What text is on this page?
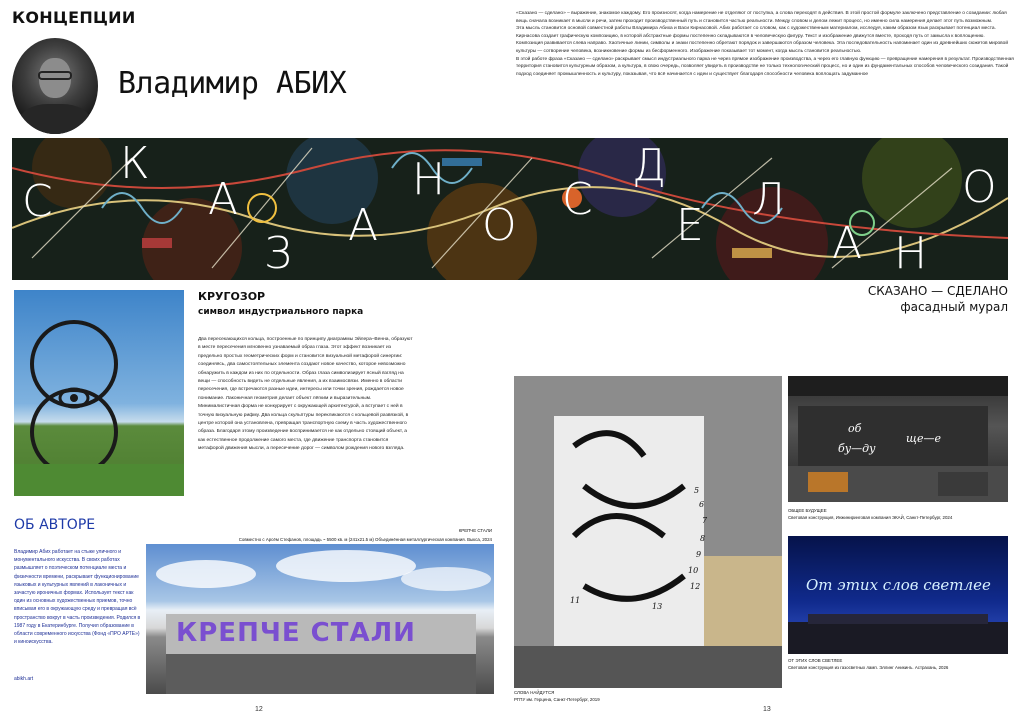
КОНЦЕПЦИИ
Владимир АБИХ

«Сказано — сделано» – выражение, знакомое каждому. Его произносят, когда намерение не отделяют от поступка, а слова переходят в действия. В этой простой формуле заключено представление о созидании: любая вещь сначала возникает в мысли и речи, затем проходит производственный путь и становится частью реальности. Между словом и делом лежит процесс, но именно сила намерения делает этот путь возможным.

Эта мысль становится основой совместной работы Владимира Абиха и Васи Кирнасовой. Абих работает со словом, как с художественным материалом, исследуя, каким образом язык раскрывает потенциал места. Кирнасова создает графическую композицию, в которой абстрактные формы постепенно складываются в человеческую фигуру. Текст и изображение движутся вместе, проходя путь от замысла к воплощению.

Композиция развивается слева направо. Хаотичные линии, символы и знаки постепенно обретают порядок и завершаются образом человека. Эта последовательность напоминает один из древнейших сюжетов мировой культуры — сотворение человека, возникновение формы из бесформенного. Изображение показывает тот момент, когда мысль становится реальностью.

В этой работе фраза «Сказано — сделано» раскрывает смысл индустриального парка не через прямое изображение производства, а через его главную функцию — превращение намерения в результат. Производственная территория становится культурным образом, а культура, в свою очередь, позволяет увидеть в производстве не только технологический процесс, но и один из фундаментальных способов человеческого созидания. Такой подход соединяет промышленность и культуру, показывая, что всё начинается с идеи и существует благодаря способности человека воплощать задуманное

С
К
А
З
А
Н
О
С
Д
Е
Л
А Н
О
СКАЗАНО — СДЕЛАНО
фасадный мурал
КРУГОЗОР
символ индустриального парка
Два пересекающихся кольца, построенные по принципу диаграммы Эйлера–Венна, образуют в месте пересечения мгновенно узнаваемый образ глаза. Этот эффект возникает из предельно простых геометрических форм и становится визуальной метафорой синергии: соединяясь, два самостоятельных элемента создают новое качество, которое невозможно обнаружить в каждом из них по отдельности. Образ глаза символизирует ясный взгляд на вещи — способность видеть не отдельные явления, а их взаимосвязи. Именно в области пересечения, где встречаются разные идеи, интересы или точки зрения, рождается новое понимание. Лаконичная геометрия делает объект лёгким и выразительным. Минималистичная форма не конкурирует с окружающей архитектурой, а вступает с ней в точную визуальную рифму. Два кольца скульптуры перекликаются с кольцевой развязкой, в центре которой она установлена, превращая транспортную схему в часть художественного образа. Благодаря этому произведение воспринимается не как отдельно стоящий объект, а как естественное продолжение самого места, где движение транспорта становится метафорой движения мысли, а пересечение дорог — символом рождения нового взгляда.
ОБ АВТОРЕ
Владимир Абих работает на стыке уличного и монументального искусства. В своих работах размышляет о поэтическом потенциале места и физичности времени, раскрывает функционирование языковых и культурных явлений в лаконичных и зачастую ироничных формах. Использует текст как один из основных художественных приемов, точно вписывая его в окружающую среду и превращая всё пространство вокруг в часть произведения. Родился в 1987 году в Екатеринбурге. Получил образование в области современного искусства (Фонд «ПРО АРТЕ») и киноискусства.
abikh.art
КРЕПЧЕ СТАЛИ
Совместно с Арсём Стефанов, площадь ~ 5500 кв. м (241х21.5 м) Объединённая металлургическая компания. Выкса, 2024
КРЕПЧЕ СТАЛИ
5
6
7
8
9
10
11
12
13
СЛОВА НАЙДУТСЯ
РГПУ им. Герцена, Санкт-Петербург, 2019
об
бу—ду
ще—е
ОБЩЕЕ БУДУЩЕЕ
Световая конструкция, Инжиниринговая компания ЭКАЙ, Санкт-Петербург, 2024
От этих слов светлее
ОТ ЭТИХ СЛОВ СВЕТЛЕЕ
Световая конструкция из газосветных ламп. Эллинг Аникинъ. Астрахань, 2026
12	13
